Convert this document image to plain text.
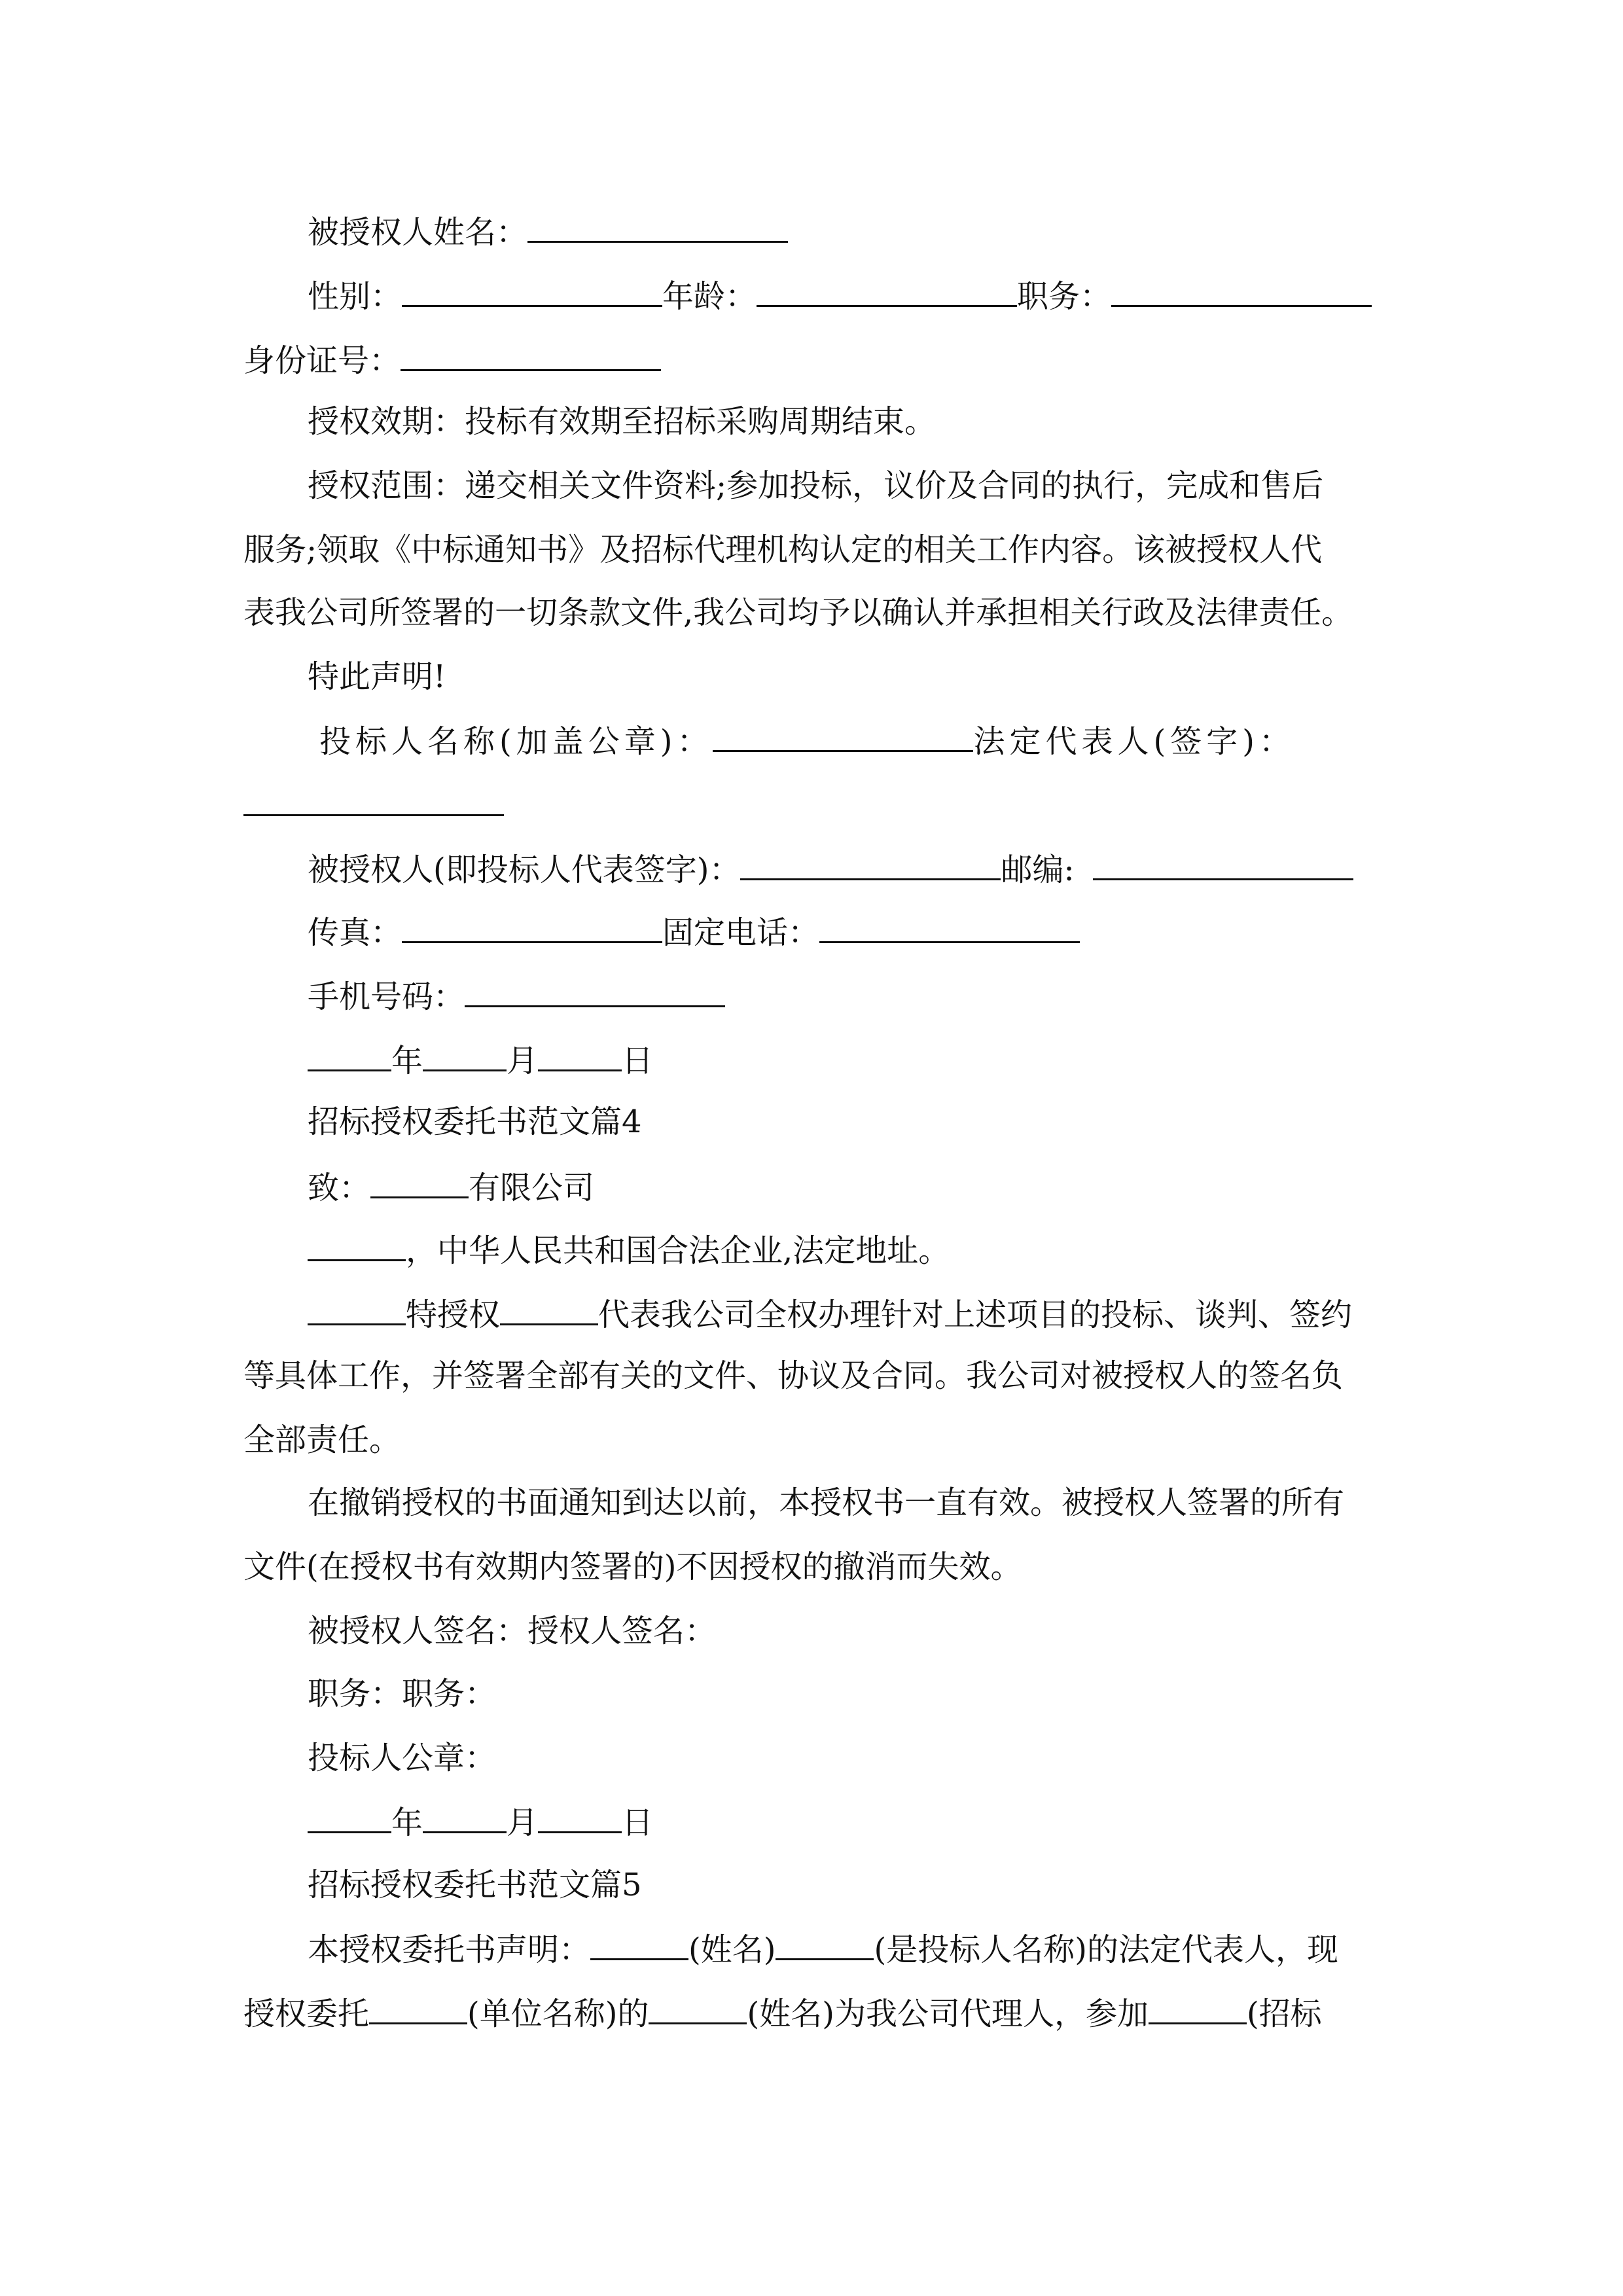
被授权人姓名：
性别：	年龄：	职务：
身份证号：
授权效期：投标有效期至招标采购周期结束。
授权范围：递交相关文件资料;参加投标，议价及合同的执行，完成和售后
服务;领取《中标通知书》及招标代理机构认定的相关工作内容。该被授权人代
表我公司所签署的一切条款文件,我公司均予以确认并承担相关行政及法律责任。
特此声明!
投标人名称(加盖公章)：	法定代表人(签字)：
被授权人(即投标人代表签字)：	邮编:
传真：	固定电话：
手机号码：
年	月	日
招标授权委托书范文篇4
致：	有限公司
，中华人民共和国合法企业,法定地址。
特授权	代表我公司全权办理针对上述项目的投标、谈判、签约
等具体工作，并签署全部有关的文件、协议及合同。我公司对被授权人的签名负
全部责任。
在撤销授权的书面通知到达以前，本授权书一直有效。被授权人签署的所有
文件(在授权书有效期内签署的)不因授权的撤消而失效。
被授权人签名：授权人签名：
职务：职务：
投标人公章：
年	月	日
招标授权委托书范文篇5
本授权委托书声明：	(姓名)	(是投标人名称)的法定代表人，现
授权委托	(单位名称)的	(姓名)为我公司代理人，参加	(招标
